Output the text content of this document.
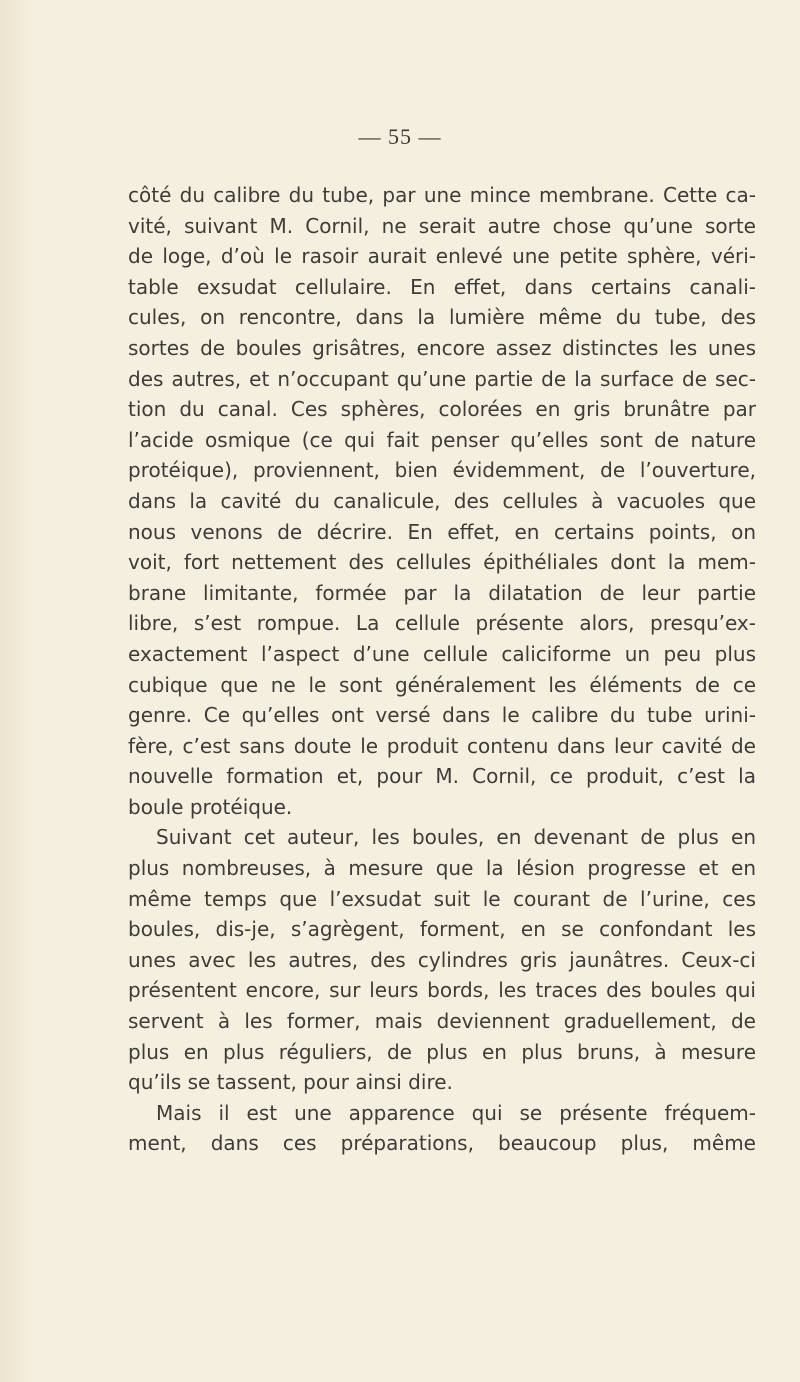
— 55 —
côté du calibre du tube, par une mince membrane. Cette ca-
vité, suivant M. Cornil, ne serait autre chose qu’une sorte
de loge, d’où le rasoir aurait enlevé une petite sphère, véri-
table exsudat cellulaire. En effet, dans certains canali-
cules, on rencontre, dans la lumière même du tube, des
sortes de boules grisâtres, encore assez distinctes les unes
des autres, et n’occupant qu’une partie de la surface de sec-
tion du canal. Ces sphères, colorées en gris brunâtre par
l’acide osmique (ce qui fait penser qu’elles sont de nature
protéique), proviennent, bien évidemment, de l’ouverture,
dans la cavité du canalicule, des cellules à vacuoles que
nous venons de décrire. En effet, en certains points, on
voit, fort nettement des cellules épithéliales dont la mem-
brane limitante, formée par la dilatation de leur partie
libre, s’est rompue. La cellule présente alors, presqu’ex-
exactement l’aspect d’une cellule caliciforme un peu plus
cubique que ne le sont généralement les éléments de ce
genre. Ce qu’elles ont versé dans le calibre du tube urini-
fère, c’est sans doute le produit contenu dans leur cavité de
nouvelle formation et, pour M. Cornil, ce produit, c’est la
boule protéique.
Suivant cet auteur, les boules, en devenant de plus en
plus nombreuses, à mesure que la lésion progresse et en
même temps que l’exsudat suit le courant de l’urine, ces
boules, dis-je, s’agrègent, forment, en se confondant les
unes avec les autres, des cylindres gris jaunâtres. Ceux-ci
présentent encore, sur leurs bords, les traces des boules qui
servent à les former, mais deviennent graduellement, de
plus en plus réguliers, de plus en plus bruns, à mesure
qu’ils se tassent, pour ainsi dire.
Mais il est une apparence qui se présente fréquem-
ment, dans ces préparations, beaucoup plus, même
